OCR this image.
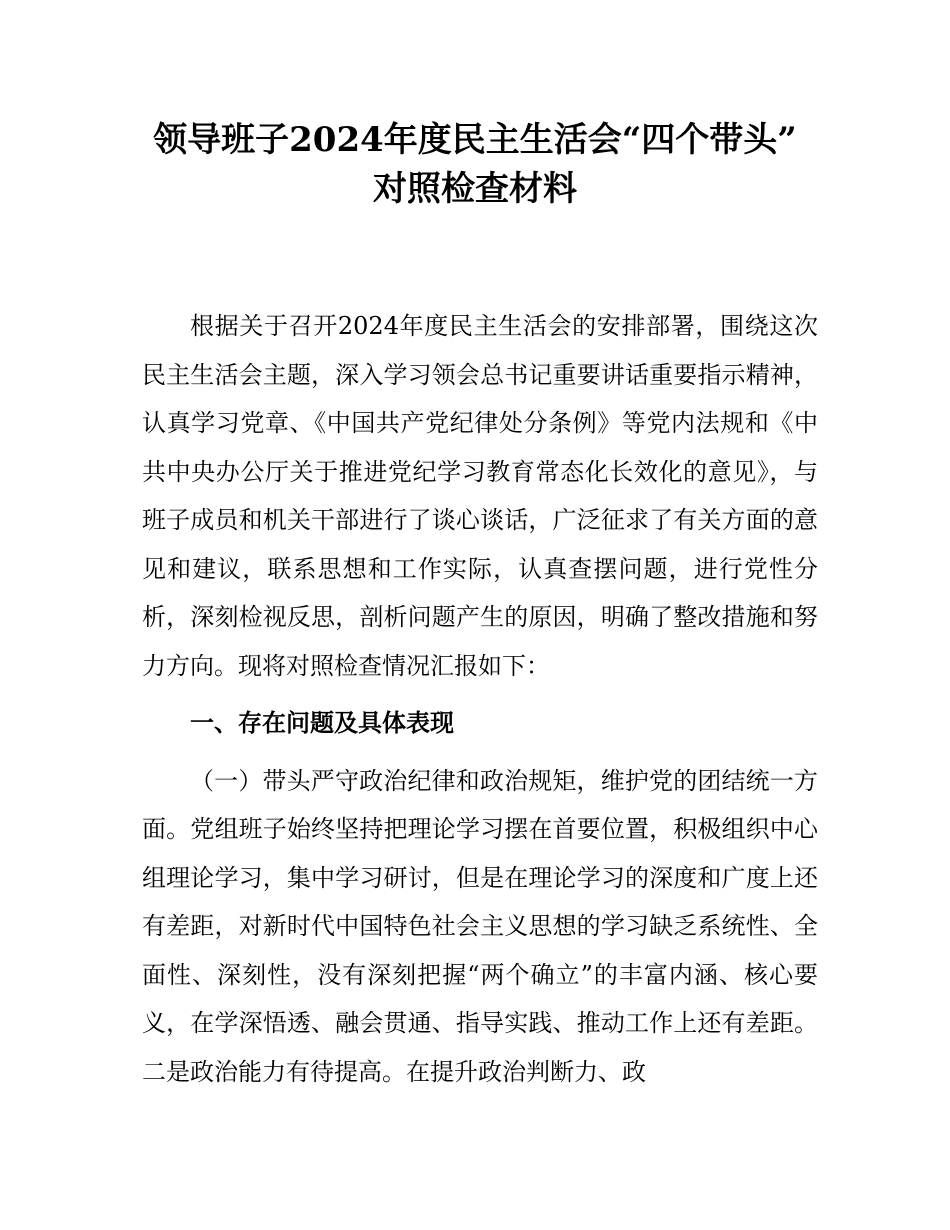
领导班子2024年度民主生活会“四个带头”
对照检查材料

根据关于召开2024年度民主生活会的安排部署，围绕这次民主生活会主题，深入学习领会总书记重要讲话重要指示精神，认真学习党章、《中国共产党纪律处分条例》等党内法规和《中共中央办公厅关于推进党纪学习教育常态化长效化的意见》，与班子成员和机关干部进行了谈心谈话，广泛征求了有关方面的意见和建议，联系思想和工作实际，认真查摆问题，进行党性分析，深刻检视反思，剖析问题产生的原因，明确了整改措施和努力方向。现将对照检查情况汇报如下：

一、存在问题及具体表现

（一）带头严守政治纪律和政治规矩，维护党的团结统一方面。党组班子始终坚持把理论学习摆在首要位置，积极组织中心组理论学习，集中学习研讨，但是在理论学习的深度和广度上还有差距，对新时代中国特色社会主义思想的学习缺乏系统性、全面性、深刻性，没有深刻把握“两个确立”的丰富内涵、核心要义，在学深悟透、融会贯通、指导实践、推动工作上还有差距。二是政治能力有待提高。在提升政治判断力、政
